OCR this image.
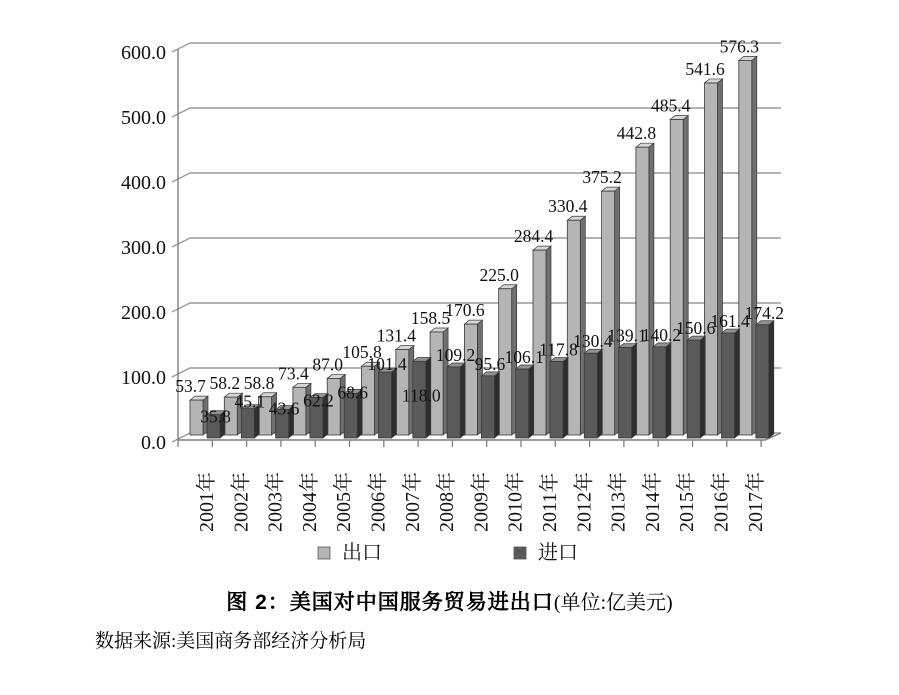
0.0
100.0
200.0
300.0
400.0
500.0
600.0
53.7
35.8
58.2
45.1
58.8
43.6
73.4
62.2
87.0
68.6
105.8
101.4
131.4
118.0
158.5
109.2
170.6
95.6
225.0
106.1
284.4
117.8
330.4
130.4
375.2
139.1
442.8
140.2
485.4
150.6
541.6
161.4
576.3
174.2
2001年 2002年 2003年 2004年 2005年 2006年 2007年 2008年 2009年 2010年 2011年 2012年 2013年 2014年 2015年 2016年 2017年
出口	进口
图 2：美国对中国服务贸易进出口(单位:亿美元)
数据来源:美国商务部经济分析局
